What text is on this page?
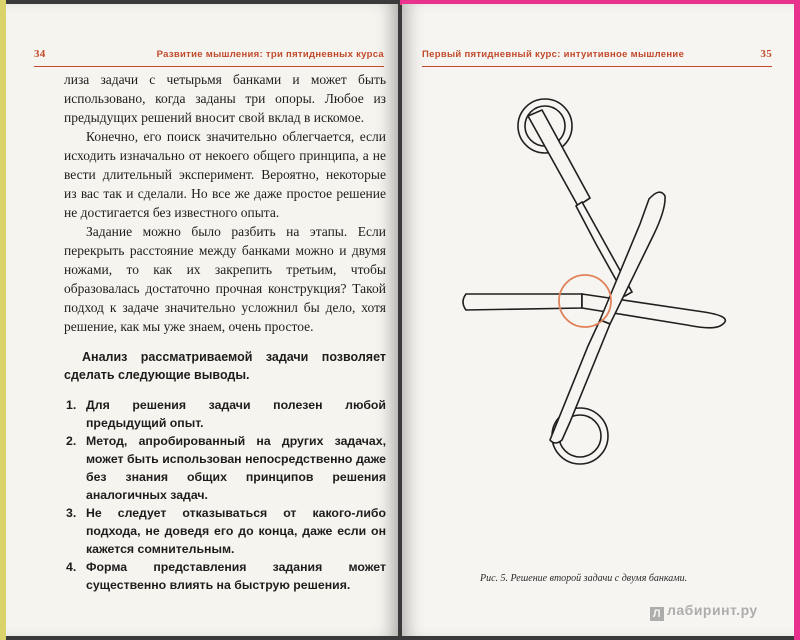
34	Развитие мышления: три пятидневных курса

лиза задачи с четырьмя банками и может быть использовано, когда заданы три опоры. Любое из предыдущих решений вносит свой вклад в искомое.

Конечно, его поиск значительно облегчается, если исходить изначально от некоего общего принципа, а не вести длительный эксперимент. Вероятно, некоторые из вас так и сделали. Но все же даже простое решение не достигается без известного опыта.

Задание можно было разбить на этапы. Если перекрыть расстояние между банками можно и двумя ножами, то как их закрепить третьим, чтобы образовалась достаточно прочная конструкция? Такой подход к задаче значительно усложнил бы дело, хотя решение, как мы уже знаем, очень простое.

Анализ рассматриваемой задачи позволяет сделать следующие выводы.

1. Для решения задачи полезен любой предыдущий опыт.
2. Метод, апробированный на других задачах, может быть использован непосредственно даже без знания общих принципов решения аналогичных задач.
3. Не следует отказываться от какого-либо подхода, не доведя его до конца, даже если он кажется сомнительным.
4. Форма представления задания может существенно влиять на быструю решения.
Первый пятидневный курс: интуитивное мышление	35
Рис. 5. Решение второй задачи с двумя банками.
Л лабиринт.ру
